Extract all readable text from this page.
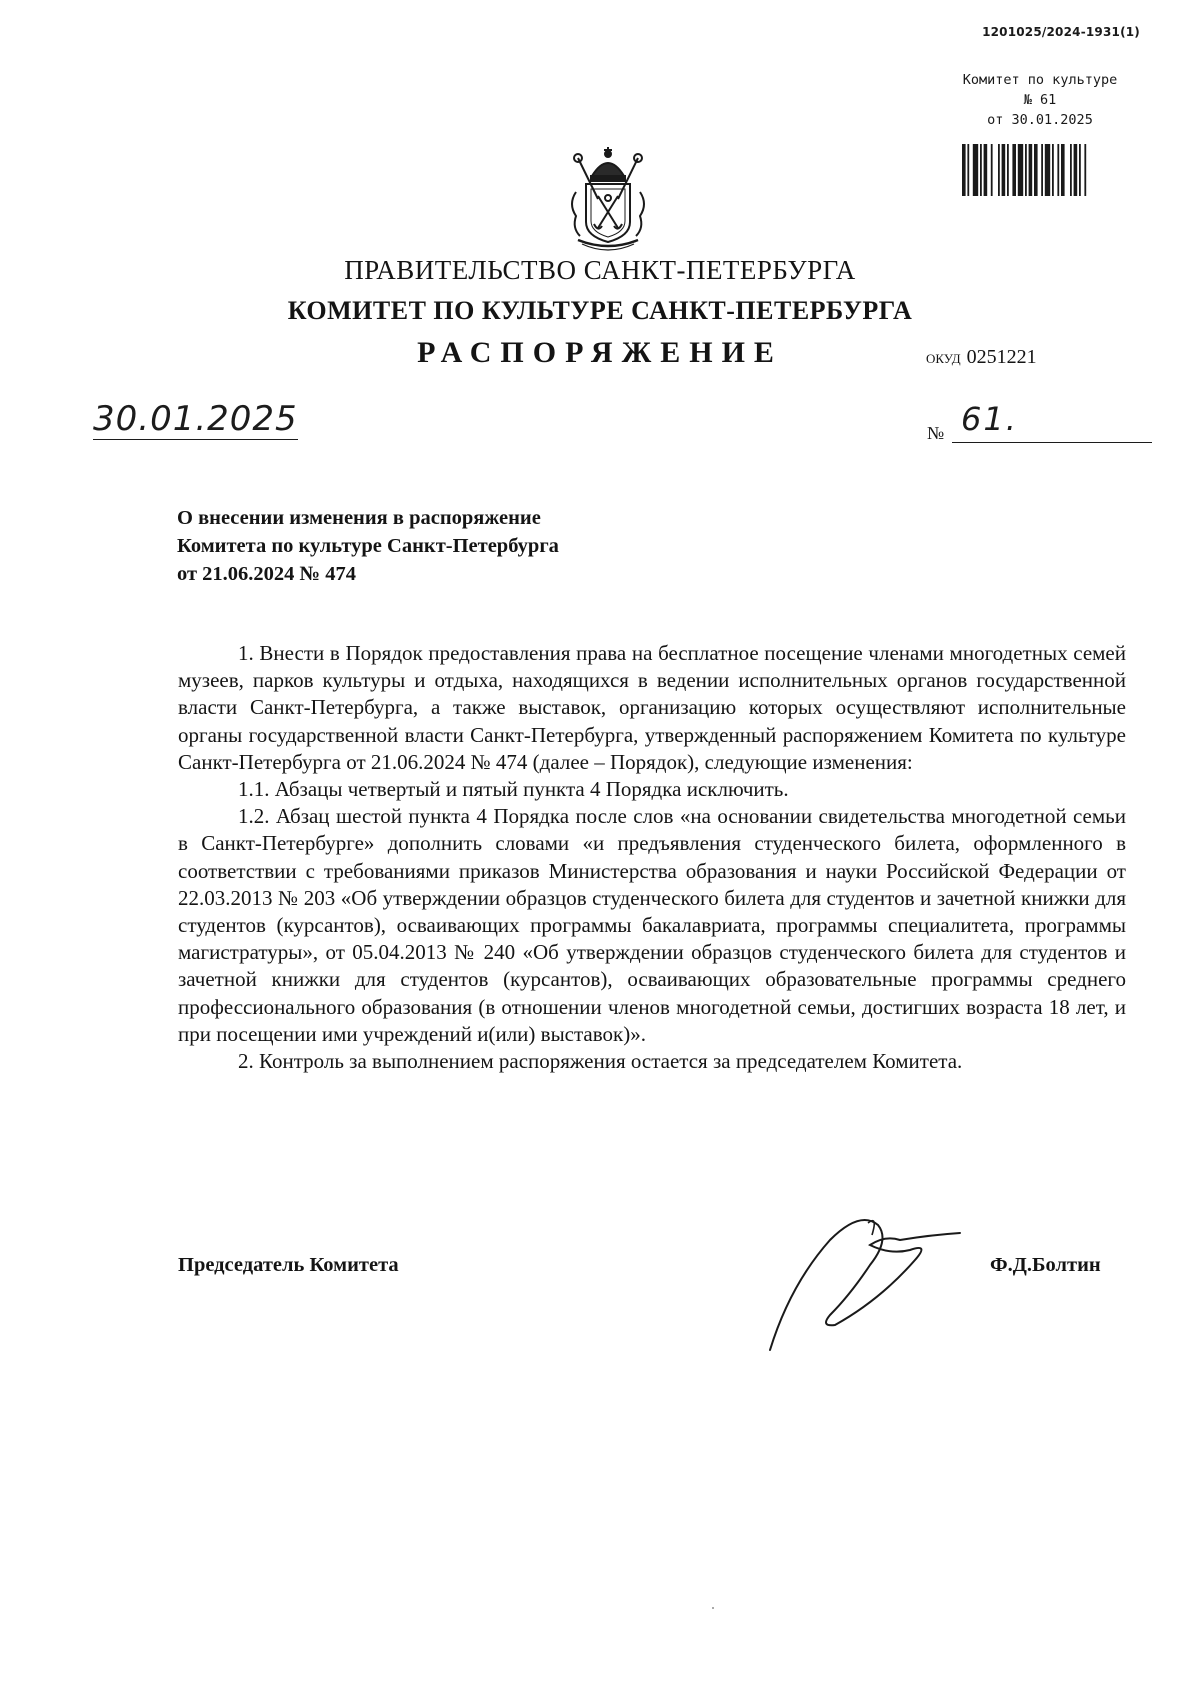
1201025/2024-1931(1)
Комитет по культуре
№ 61
от 30.01.2025
ПРАВИТЕЛЬСТВО САНКТ-ПЕТЕРБУРГА
КОМИТЕТ ПО КУЛЬТУРЕ САНКТ-ПЕТЕРБУРГА
РАСПОРЯЖЕНИЕ	ОКУД 0251221
30.01.2025	№ 61.
О внесении изменения в распоряжение
Комитета по культуре Санкт-Петербурга
от 21.06.2024 № 474

1. Внести в Порядок предоставления права на бесплатное посещение членами многодетных семей музеев, парков культуры и отдыха, находящихся в ведении исполнительных органов государственной власти Санкт-Петербурга, а также выставок, организацию которых осуществляют исполнительные органы государственной власти Санкт-Петербурга, утвержденный распоряжением Комитета по культуре Санкт-Петербурга от 21.06.2024 № 474 (далее – Порядок), следующие изменения:

1.1. Абзацы четвертый и пятый пункта 4 Порядка исключить.

1.2. Абзац шестой пункта 4 Порядка после слов «на основании свидетельства многодетной семьи в Санкт-Петербурге» дополнить словами «и предъявления студенческого билета, оформленного в соответствии с требованиями приказов Министерства образования и науки Российской Федерации от 22.03.2013 № 203 «Об утверждении образцов студенческого билета для студентов и зачетной книжки для студентов (курсантов), осваивающих программы бакалавриата, программы специалитета, программы магистратуры», от 05.04.2013 № 240 «Об утверждении образцов студенческого билета для студентов и зачетной книжки для студентов (курсантов), осваивающих образовательные программы среднего профессионального образования (в отношении членов многодетной семьи, достигших возраста 18 лет, и при посещении ими учреждений и(или) выставок)».

2. Контроль за выполнением распоряжения остается за председателем Комитета.

Председатель Комитета	Ф.Д.Болтин
